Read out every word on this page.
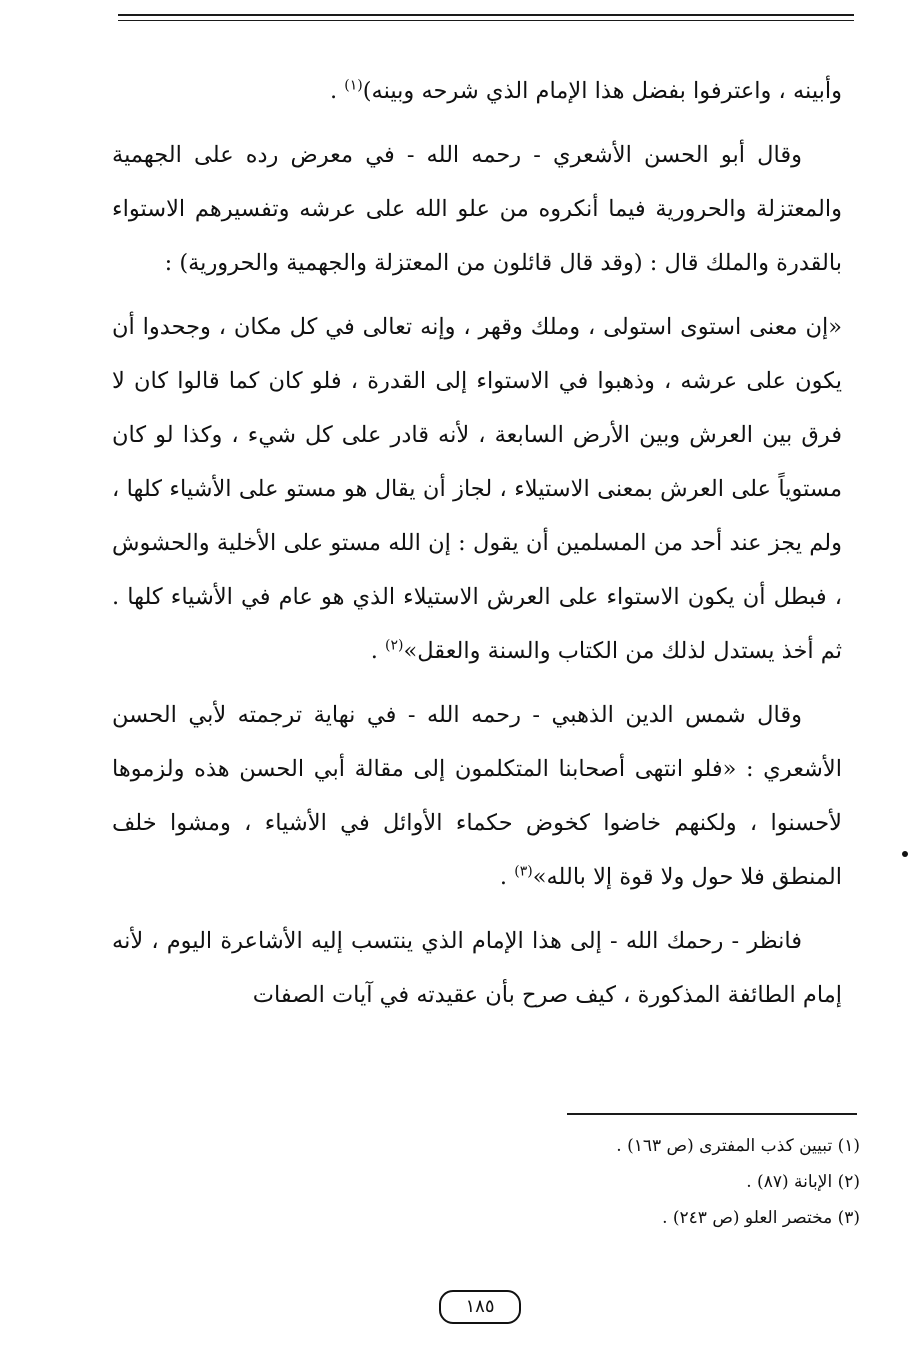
وأبينه ، واعترفوا بفضل هذا الإمام الذي شرحه وبينه)$^{(١)}$ .

وقال أبو الحسن الأشعري - رحمه الله - في معرض رده على الجهمية والمعتزلة والحرورية فيما أنكروه من علو الله على عرشه وتفسيرهم الاستواء بالقدرة والملك قال : (وقد قال قائلون من المعتزلة والجهمية والحرورية) :

«إن معنى استوى استولى ، وملك وقهر ، وإنه تعالى في كل مكان ، وجحدوا أن يكون على عرشه ، وذهبوا في الاستواء إلى القدرة ، فلو كان كما قالوا كان لا فرق بين العرش وبين الأرض السابعة ، لأنه قادر على كل شيء ، وكذا لو كان مستوياً على العرش بمعنى الاستيلاء ، لجاز أن يقال هو مستو على الأشياء كلها ، ولم يجز عند أحد من المسلمين أن يقول : إن الله مستو على الأخلية والحشوش ، فبطل أن يكون الاستواء على العرش الاستيلاء الذي هو عام في الأشياء كلها . ثم أخذ يستدل لذلك من الكتاب والسنة والعقل»$^{(٢)}$ .

وقال شمس الدين الذهبي - رحمه الله - في نهاية ترجمته لأبي الحسن الأشعري : «فلو انتهى أصحابنا المتكلمون إلى مقالة أبي الحسن هذه ولزموها لأحسنوا ، ولكنهم خاضوا كخوض حكماء الأوائل في الأشياء ، ومشوا خلف المنطق فلا حول ولا قوة إلا بالله»$^{(٣)}$ .

فانظر - رحمك الله - إلى هذا الإمام الذي ينتسب إليه الأشاعرة اليوم ، لأنه إمام الطائفة المذكورة ، كيف صرح بأن عقيدته في آيات الصفات

(١) تبيين كذب المفترى (ص ١٦٣) .
(٢) الإبانة (٨٧) .
(٣) مختصر العلو (ص ٢٤٣) .
١٨٥
